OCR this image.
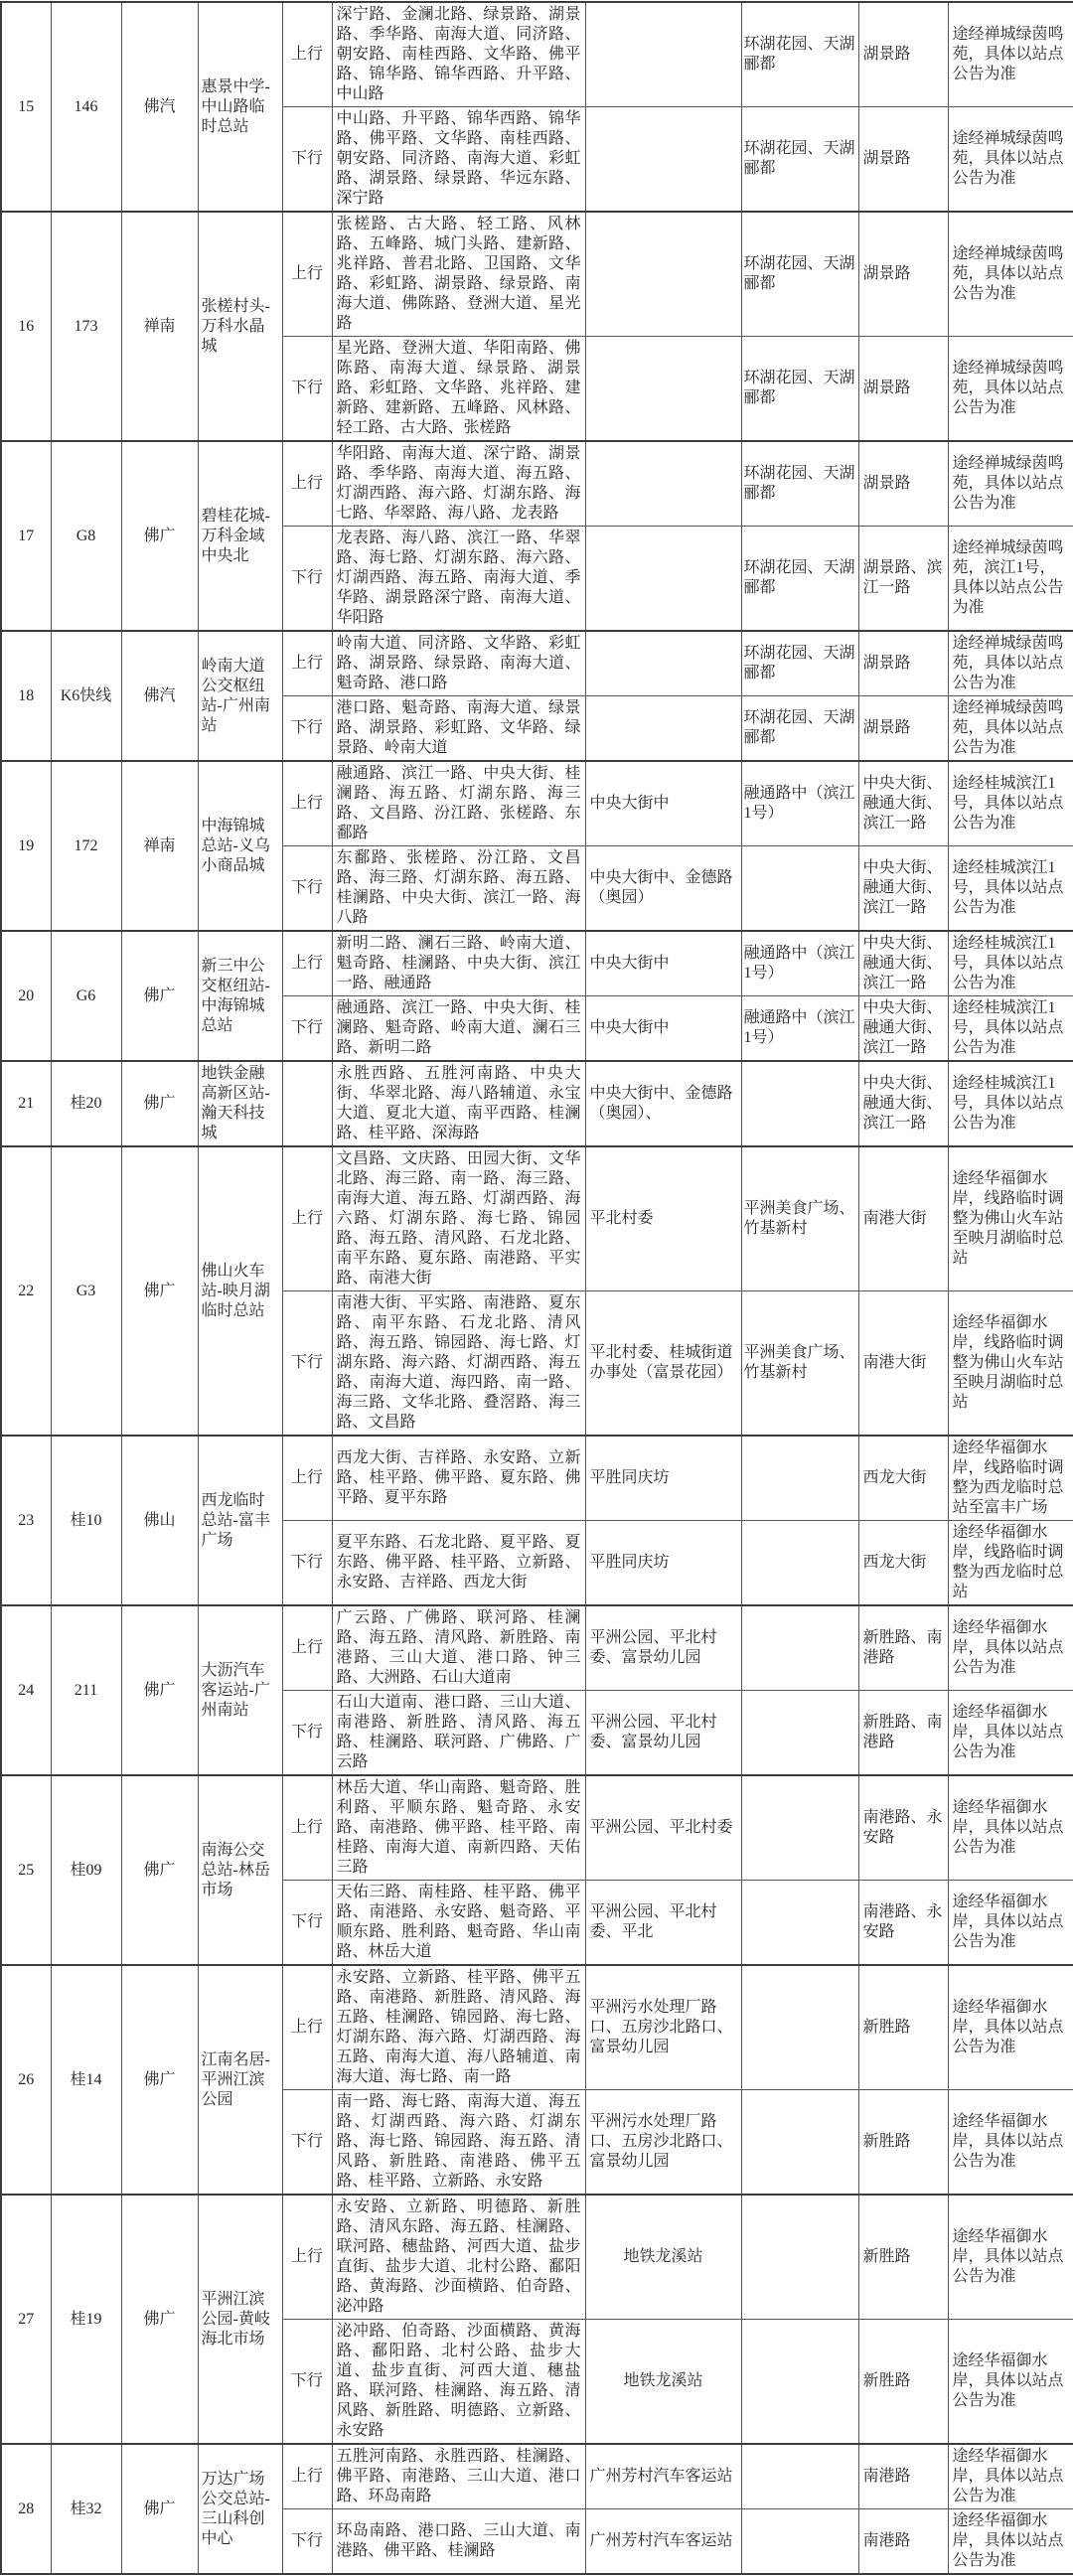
15	146	佛汽	惠景中学-中山路临时总站	上行	深宁路、金澜北路、绿景路、湖景路、季华路、南海大道、同济路、朝安路、南桂西路、文华路、佛平路、锦华路、锦华西路、升平路、中山路		环湖花园、天湖郦都	湖景路	途经禅城绿茵鸣苑，具体以站点公告为准
				下行	中山路、升平路、锦华西路、锦华路、佛平路、文华路、南桂西路、朝安路、同济路、南海大道、彩虹路、湖景路、绿景路、华远东路、深宁路		环湖花园、天湖郦都	湖景路	途经禅城绿茵鸣苑，具体以站点公告为准
16	173	禅南	张槎村头-万科水晶城	上行	张槎路、古大路、轻工路、风林路、五峰路、城门头路、建新路、兆祥路、普君北路、卫国路、文华路、彩虹路、湖景路、绿景路、南海大道、佛陈路、登洲大道、星光路		环湖花园、天湖郦都	湖景路	途经禅城绿茵鸣苑，具体以站点公告为准
				下行	星光路、登洲大道、华阳南路、佛陈路、南海大道、绿景路、湖景路、彩虹路、文华路、兆祥路、建新路、建新路、五峰路、风林路、轻工路、古大路、张槎路		环湖花园、天湖郦都	湖景路	途经禅城绿茵鸣苑，具体以站点公告为准
17	G8	佛广	碧桂花城-万科金域中央北	上行	华阳路、南海大道、深宁路、湖景路、季华路、南海大道、海五路、灯湖西路、海六路、灯湖东路、海七路、华翠路、海八路、龙表路		环湖花园、天湖郦都	湖景路	途经禅城绿茵鸣苑，具体以站点公告为准
				下行	龙表路、海八路、滨江一路、华翠路、海七路、灯湖东路、海六路、灯湖西路、海五路、南海大道、季华路、湖景路深宁路、南海大道、华阳路		环湖花园、天湖郦都	湖景路、滨江一路	途经禅城绿茵鸣苑，滨江1号，具体以站点公告为准
18	K6快线	佛汽	岭南大道公交枢纽站-广州南站	上行	岭南大道、同济路、文华路、彩虹路、湖景路、绿景路、南海大道、魁奇路、港口路		环湖花园、天湖郦都	湖景路	途经禅城绿茵鸣苑，具体以站点公告为准
				下行	港口路、魁奇路、南海大道、绿景路、湖景路、彩虹路、文华路、绿景路、岭南大道		环湖花园、天湖郦都	湖景路	途经禅城绿茵鸣苑，具体以站点公告为准
19	172	禅南	中海锦城总站-义乌小商品城	上行	融通路、滨江一路、中央大街、桂澜路、海五路、灯湖东路、海三路、文昌路、汾江路、张槎路、东鄱路	中央大街中	融通路中（滨江1号）	中央大街、融通大街、滨江一路	途经桂城滨江1号，具体以站点公告为准
				下行	东鄱路、张槎路、汾江路、文昌路、海三路、灯湖东路、海五路、桂澜路、中央大街、滨江一路、海八路	中央大街中、金德路（奥园）		中央大街、融通大街、滨江一路	途经桂城滨江1号，具体以站点公告为准
20	G6	佛广	新三中公交枢纽站-中海锦城总站	上行	新明二路、澜石三路、岭南大道、魁奇路、桂澜路、中央大街、滨江一路、融通路	中央大街中	融通路中（滨江1号）	中央大街、融通大街、滨江一路	途经桂城滨江1号，具体以站点公告为准
				下行	融通路、滨江一路、中央大街、桂澜路、魁奇路、岭南大道、澜石三路、新明二路	中央大街中	融通路中（滨江1号）	中央大街、融通大街、滨江一路	途经桂城滨江1号，具体以站点公告为准
21	桂20	佛广	地铁金融高新区站-瀚天科技城		永胜西路、五胜河南路、中央大街、华翠北路、海八路辅道、永宝大道、夏北大道、南平西路、桂澜路、桂平路、深海路	中央大街中、金德路（奥园）、		中央大街、融通大街、滨江一路	途经桂城滨江1号，具体以站点公告为准
22	G3	佛广	佛山火车站-映月湖临时总站	上行	文昌路、文庆路、田园大街、文华北路、海三路、南一路、海三路、南海大道、海五路、灯湖西路、海六路、灯湖东路、海七路、锦园路、海五路、清风路、石龙北路、南平东路、夏东路、南港路、平实路、南港大街	平北村委	平洲美食广场、竹基新村	南港大街	途经华福御水岸，线路临时调整为佛山火车站至映月湖临时总站
				下行	南港大街、平实路、南港路、夏东路、南平东路、石龙北路、清风路、海五路、锦园路、海七路、灯湖东路、海六路、灯湖西路、海五路、南海大道、海四路、南一路、海三路、文华北路、叠滘路、海三路、文昌路	平北村委、桂城街道办事处（富景花园）	平洲美食广场、竹基新村	南港大街	途经华福御水岸，线路临时调整为佛山火车站至映月湖临时总站
23	桂10	佛山	西龙临时总站-富丰广场	上行	西龙大街、吉祥路、永安路、立新路、桂平路、佛平路、夏东路、佛平路、夏平东路	平胜同庆坊		西龙大街	途经华福御水岸，线路临时调整为西龙临时总站至富丰广场
				下行	夏平东路、石龙北路、夏平路、夏东路、佛平路、桂平路、立新路、永安路、吉祥路、西龙大街	平胜同庆坊		西龙大街	途经华福御水岸，线路临时调整为西龙临时总站
24	211	佛广	大沥汽车客运站-广州南站	上行	广云路、广佛路、联河路、桂澜路、海五路、清风路、新胜路、南港路、三山大道、港口路、钟三路、大洲路、石山大道南	平洲公园、平北村委、富景幼儿园		新胜路、南港路	途经华福御水岸，具体以站点公告为准
				下行	石山大道南、港口路、三山大道、南港路、新胜路、清风路、海五路、桂澜路、联河路、广佛路、广云路	平洲公园、平北村委、富景幼儿园		新胜路、南港路	途经华福御水岸，具体以站点公告为准
25	桂09	佛广	南海公交总站-林岳市场	上行	林岳大道、华山南路、魁奇路、胜利路、平顺东路、魁奇路、永安路、南港路、佛平路、桂平路、南桂路、南海大道、南新四路、天佑三路	平洲公园、平北村委		南港路、永安路	途经华福御水岸，具体以站点公告为准
				下行	天佑三路、南桂路、桂平路、佛平路、南港路、永安路、魁奇路、平顺东路、胜利路、魁奇路、华山南路、林岳大道	平洲公园、平北村委、平北		南港路、永安路	途经华福御水岸，具体以站点公告为准
26	桂14	佛广	江南名居-平洲江滨公园	上行	永安路、立新路、桂平路、佛平五路、南港路、新胜路、清风路、海五路、桂澜路、锦园路、海七路、灯湖东路、海六路、灯湖西路、海五路、南海大道、海八路辅道、南海大道、海七路、南一路	平洲污水处理厂路口、五房沙北路口、富景幼儿园		新胜路	途经华福御水岸，具体以站点公告为准
				下行	南一路、海七路、南海大道、海五路、灯湖西路、海六路、灯湖东路、海七路、锦园路、海五路、清风路、新胜路、南港路、佛平五路、桂平路、立新路、永安路	平洲污水处理厂路口、五房沙北路口、富景幼儿园		新胜路	途经华福御水岸，具体以站点公告为准
27	桂19	佛广	平洲江滨公园-黄岐海北市场	上行	永安路、立新路、明德路、新胜路、清风东路、海五路、桂澜路、联河路、穗盐路、河西大道、盐步直街、盐步大道、北村公路、鄱阳路、黄海路、沙面横路、伯奇路、泌冲路	地铁龙溪站		新胜路	途经华福御水岸，具体以站点公告为准
				下行	泌冲路、伯奇路、沙面横路、黄海路、鄱阳路、北村公路、盐步大道、盐步直街、河西大道、穗盐路、联河路、桂澜路、海五路、清风路、新胜路、明德路、立新路、永安路	地铁龙溪站		新胜路	途经华福御水岸，具体以站点公告为准
28	桂32	佛广	万达广场公交总站-三山科创中心	上行	五胜河南路、永胜西路、桂澜路、佛平路、南港路、三山大道、港口路、环岛南路	广州芳村汽车客运站		南港路	途经华福御水岸，具体以站点公告为准
				下行	环岛南路、港口路、三山大道、南港路、佛平路、桂澜路	广州芳村汽车客运站		南港路	途经华福御水岸，具体以站点公告为准
